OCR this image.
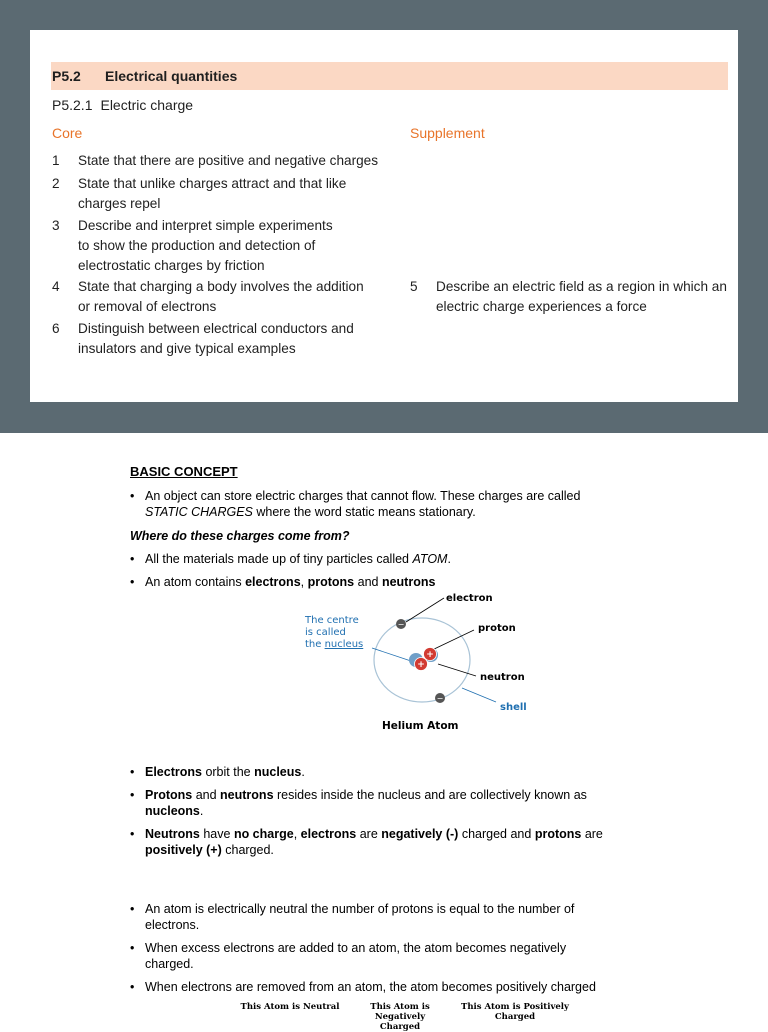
P5.2 Electrical quantities
P5.2.1 Electric charge
Core	Supplement
1 State that there are positive and negative charges
2 State that unlike charges attract and that like
charges repel
3 Describe and interpret simple experiments
to show the production and detection of
electrostatic charges by friction
4 State that charging a body involves the addition
or removal of electrons
6 Distinguish between electrical conductors and
insulators and give typical examples
5 Describe an electric field as a region in which an
electric charge experiences a force
BASIC CONCEPT
• An object can store electric charges that cannot flow. These charges are called
STATIC CHARGES where the word static means stationary.
Where do these charges come from?
• All the materials made up of tiny particles called ATOM.
• An atom contains electrons, protons and neutrons
+
+
−
−
electron
proton
neutron
shell
The centre
is called
the nucleus
Helium Atom
• Electrons orbit the nucleus.
• Protons and neutrons resides inside the nucleus and are collectively known as
nucleons.
• Neutrons have no charge, electrons are negatively (-) charged and protons are
positively (+) charged.
• An atom is electrically neutral the number of protons is equal to the number of electrons.
• When excess electrons are added to an atom, the atom becomes negatively charged.
• When electrons are removed from an atom, the atom becomes positively charged
This Atom is Neutral	This Atom is Negatively
Charged
This Atom is Positively
Charged
